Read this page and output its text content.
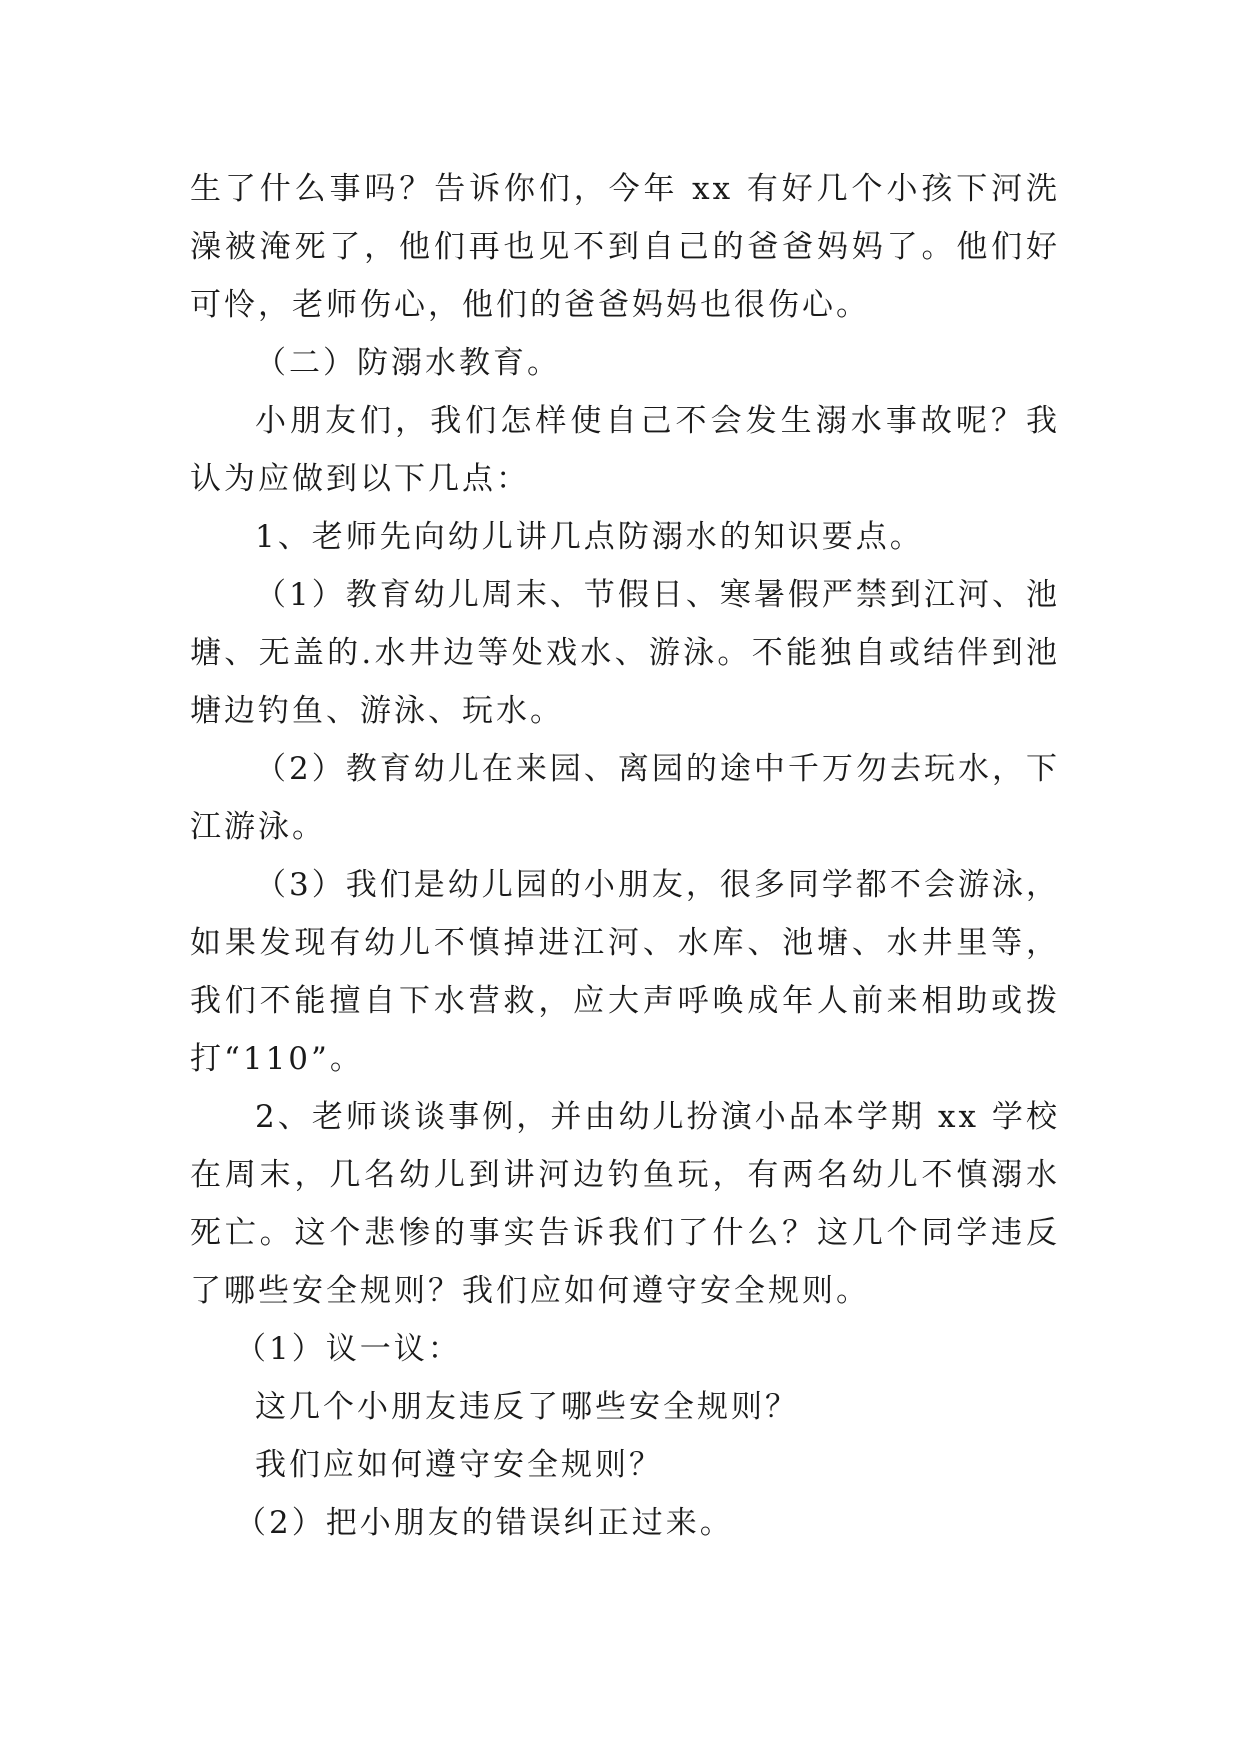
生了什么事吗？告诉你们，今年 xx 有好几个小孩下河洗澡被淹死了，他们再也见不到自己的爸爸妈妈了。他们好可怜，老师伤心，他们的爸爸妈妈也很伤心。

（二）防溺水教育。

小朋友们，我们怎样使自己不会发生溺水事故呢？我认为应做到以下几点：

1、老师先向幼儿讲几点防溺水的知识要点。

（1）教育幼儿周末、节假日、寒暑假严禁到江河、池塘、无盖的.水井边等处戏水、游泳。不能独自或结伴到池塘边钓鱼、游泳、玩水。

（2）教育幼儿在来园、离园的途中千万勿去玩水，下江游泳。

（3）我们是幼儿园的小朋友，很多同学都不会游泳，如果发现有幼儿不慎掉进江河、水库、池塘、水井里等，我们不能擅自下水营救，应大声呼唤成年人前来相助或拨打“110”。

2、老师谈谈事例，并由幼儿扮演小品本学期 xx 学校在周末，几名幼儿到讲河边钓鱼玩，有两名幼儿不慎溺水死亡。这个悲惨的事实告诉我们了什么？这几个同学违反了哪些安全规则？我们应如何遵守安全规则。

（1）议一议：

这几个小朋友违反了哪些安全规则？

我们应如何遵守安全规则？

（2）把小朋友的错误纠正过来。
